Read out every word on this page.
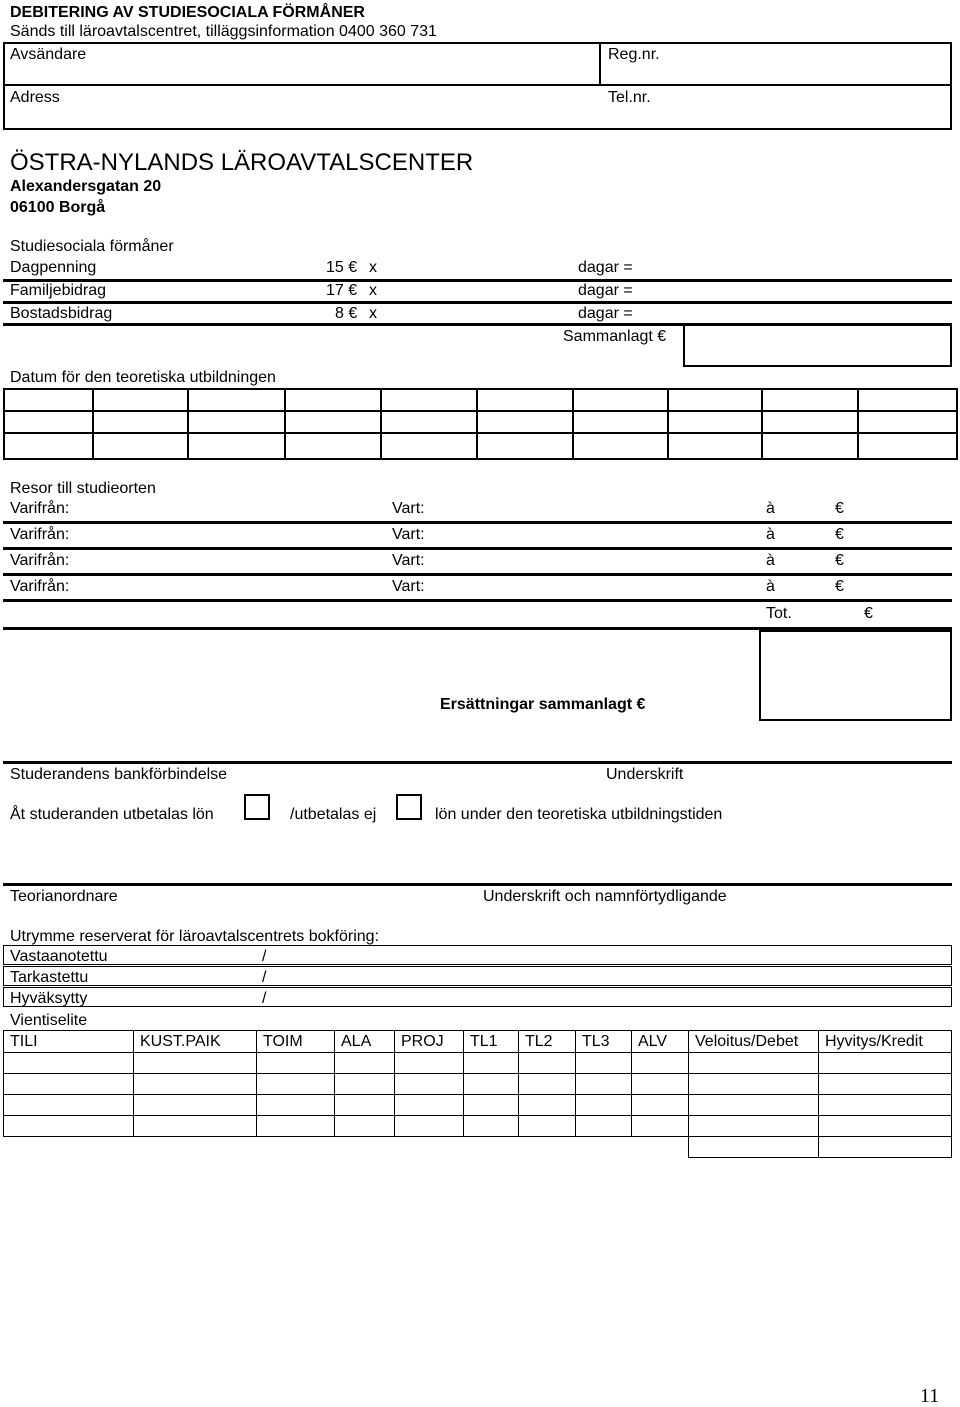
DEBITERING AV STUDIESOCIALA FÖRMÅNER
Sänds till läroavtalscentret, tilläggsinformation 0400 360 731
Avsändare	Reg.nr.
Adress	Tel.nr.
ÖSTRA-NYLANDS LÄROAVTALSCENTER
Alexandersgatan 20
06100 Borgå
Studiesociala förmåner
Dagpenning	15 € x	dagar =
Familjebidrag	17 € x	dagar =
Bostadsbidrag	8 € x	dagar =
Sammanlagt €
Datum för den teoretiska utbildningen
Resor till studieorten
Varifrån:	Vart:	à	€
Varifrån:	Vart:	à	€
Varifrån:	Vart:	à	€
Varifrån:	Vart:	à	€
Tot.	€
Ersättningar sammanlagt €
Studerandens bankförbindelse	Underskrift
Åt studeranden utbetalas lön	/utbetalas ej	lön under den teoretiska utbildningstiden
Teorianordnare	Underskrift och namnförtydligande
Utrymme reserverat för läroavtalscentrets bokföring:
Vastaanotettu	/
Tarkastettu	/
Hyväksytty	/
Vientiselite
TILI	KUST.PAIK	TOIM ALA PROJ TL1 TL2 TL3 ALV Veloitus/Debet Hyvitys/Kredit
11
